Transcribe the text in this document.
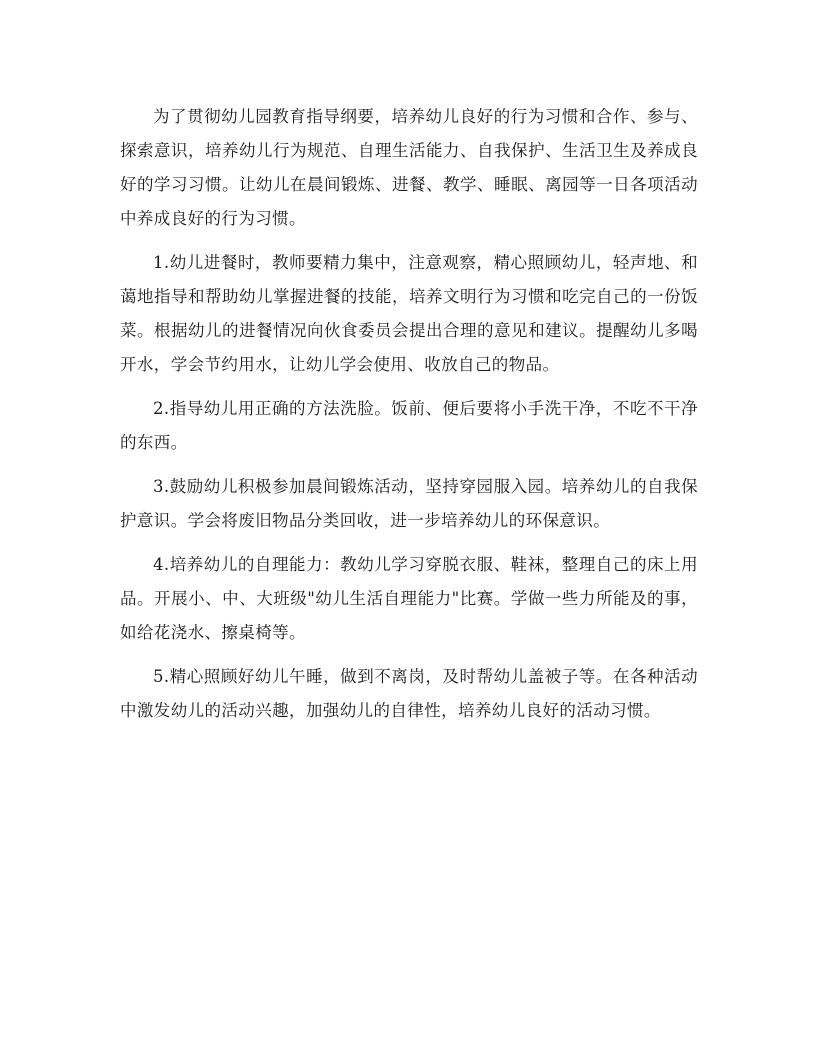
为了贯彻幼儿园教育指导纲要，培养幼儿良好的行为习惯和合作、参与、探索意识，培养幼儿行为规范、自理生活能力、自我保护、生活卫生及养成良好的学习习惯。让幼儿在晨间锻炼、进餐、教学、睡眠、离园等一日各项活动中养成良好的行为习惯。

1.幼儿进餐时，教师要精力集中，注意观察，精心照顾幼儿，轻声地、和蔼地指导和帮助幼儿掌握进餐的技能，培养文明行为习惯和吃完自己的一份饭菜。根据幼儿的进餐情况向伙食委员会提出合理的意见和建议。提醒幼儿多喝开水，学会节约用水，让幼儿学会使用、收放自己的物品。

2.指导幼儿用正确的方法洗脸。饭前、便后要将小手洗干净，不吃不干净的东西。

3.鼓励幼儿积极参加晨间锻炼活动，坚持穿园服入园。培养幼儿的自我保护意识。学会将废旧物品分类回收，进一步培养幼儿的环保意识。

4.培养幼儿的自理能力：教幼儿学习穿脱衣服、鞋袜，整理自己的床上用品。开展小、中、大班级"幼儿生活自理能力"比赛。学做一些力所能及的事，如给花浇水、擦桌椅等。

5.精心照顾好幼儿午睡，做到不离岗，及时帮幼儿盖被子等。在各种活动中激发幼儿的活动兴趣，加强幼儿的自律性，培养幼儿良好的活动习惯。
